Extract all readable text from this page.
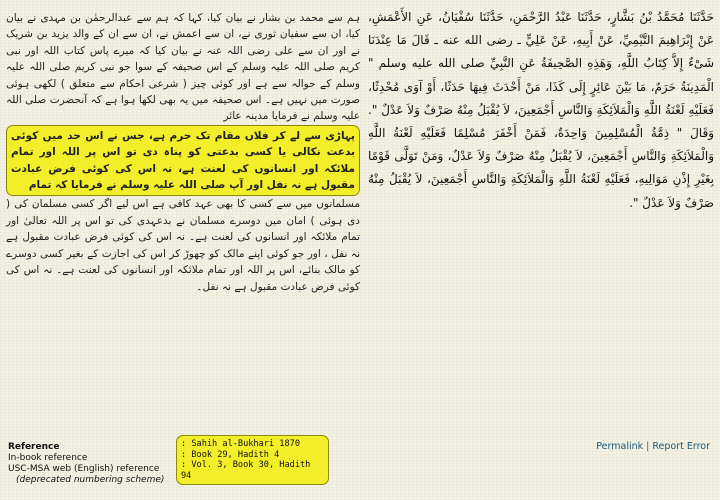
ہم سے محمد بن بشار نے بیان کیا، کہا کہ ہم سے عبدالرحمٰن بن مہدی نے بیان کیا، ان سے سفیان ثوری نے، ان سے اعمش نے، ان سے ان کے والد یزید بن شریک نے اور ان سے علی رضی اللہ عنہ نے بیان کیا کہ میرے پاس کتاب اللہ اور نبی کریم صلی اللہ علیہ وسلم کے اس صحیفہ کے سوا جو نبی کریم صلی اللہ علیہ وسلم کے حوالہ سے ہے اور کوئی چیز ( شرعی احکام سے متعلق ) لکھی ہوئی صورت میں نہیں ہے۔ اس صحیفہ میں یہ بھی لکھا ہوا ہے کہ آنحضرت صلی اللہ علیہ وسلم نے فرمایا مدینہ عائر

پہاڑی سے لے کر فلاں مقام تک حرم ہے، جس نے اس حد میں کوئی بدعت نکالی یا کسی بدعتی کو پناہ دی تو اس پر اللہ اور تمام ملائکہ اور انسانوں کی لعنت ہے، نہ اس کی کوئی فرض عبادت مقبول ہے نہ نفل اور آپ صلی اللہ علیہ وسلم نے فرمایا کہ تمام

مسلمانوں میں سے کسی کا بھی عہد کافی ہے اس لیے اگر کسی مسلمان کی ( دی ہوئی ) امان میں دوسرے مسلمان نے بدعہدی کی تو اس پر اللہ تعالیٰ اور تمام ملائکہ اور انسانوں کی لعنت ہے۔ نہ اس کی کوئی فرض عبادت مقبول ہے نہ نفل ، اور جو کوئی اپنے مالک کو چھوڑ کر اس کی اجازت کے بغیر کسی دوسرے کو مالک بنائے، اس پر اللہ اور تمام ملائکہ اور انسانوں کی لعنت ہے۔ نہ اس کی کوئی فرض عبادت مقبول ہے نہ نفل۔

حَدَّثَنَا مُحَمَّدُ بْنُ بَشَّارٍ، حَدَّثَنَا عَبْدُ الرَّحْمَنِ، حَدَّثَنَا سُفْيَانُ، عَنِ الأَعْمَشِ، عَنْ إِبْرَاهِيمَ التَّيْمِيِّ، عَنْ أَبِيهِ، عَنْ عَلِيٍّ ـ رضى الله عنه ـ قَالَ مَا عِنْدَنَا شَىْءٌ إِلاَّ كِتَابُ اللَّهِ، وَهَذِهِ الصَّحِيفَةُ عَنِ النَّبِيِّ صلى الله عليه وسلم " الْمَدِينَةُ حَرَمٌ، مَا بَيْنَ عَائِرٍ إِلَى كَذَا، مَنْ أَحْدَثَ فِيهَا حَدَثًا، أَوْ آوَى مُحْدِثًا، فَعَلَيْهِ لَعْنَةُ اللَّهِ وَالْمَلاَئِكَةِ وَالنَّاسِ أَجْمَعِينَ، لاَ يُقْبَلُ مِنْهُ صَرْفٌ وَلاَ عَدْلٌ ". وَقَالَ " ذِمَّةُ الْمُسْلِمِينَ وَاحِدَةٌ، فَمَنْ أَخْفَرَ مُسْلِمًا فَعَلَيْهِ لَعْنَةُ اللَّهِ وَالْمَلاَئِكَةِ وَالنَّاسِ أَجْمَعِينَ، لاَ يُقْبَلُ مِنْهُ صَرْفٌ وَلاَ عَدْلٌ، وَمَنْ تَوَلَّى قَوْمًا بِغَيْرِ إِذْنِ مَوَالِيهِ، فَعَلَيْهِ لَعْنَةُ اللَّهِ وَالْمَلاَئِكَةِ وَالنَّاسِ أَجْمَعِينَ، لاَ يُقْبَلُ مِنْهُ صَرْفٌ وَلاَ عَدْلٌ ".

Reference
In-book reference
USC-MSA web (English) reference
(deprecated numbering scheme)
: Sahih al-Bukhari 1870
: Book 29, Hadith 4
: Vol. 3, Book 30, Hadith 94
Permalink | Report Error
